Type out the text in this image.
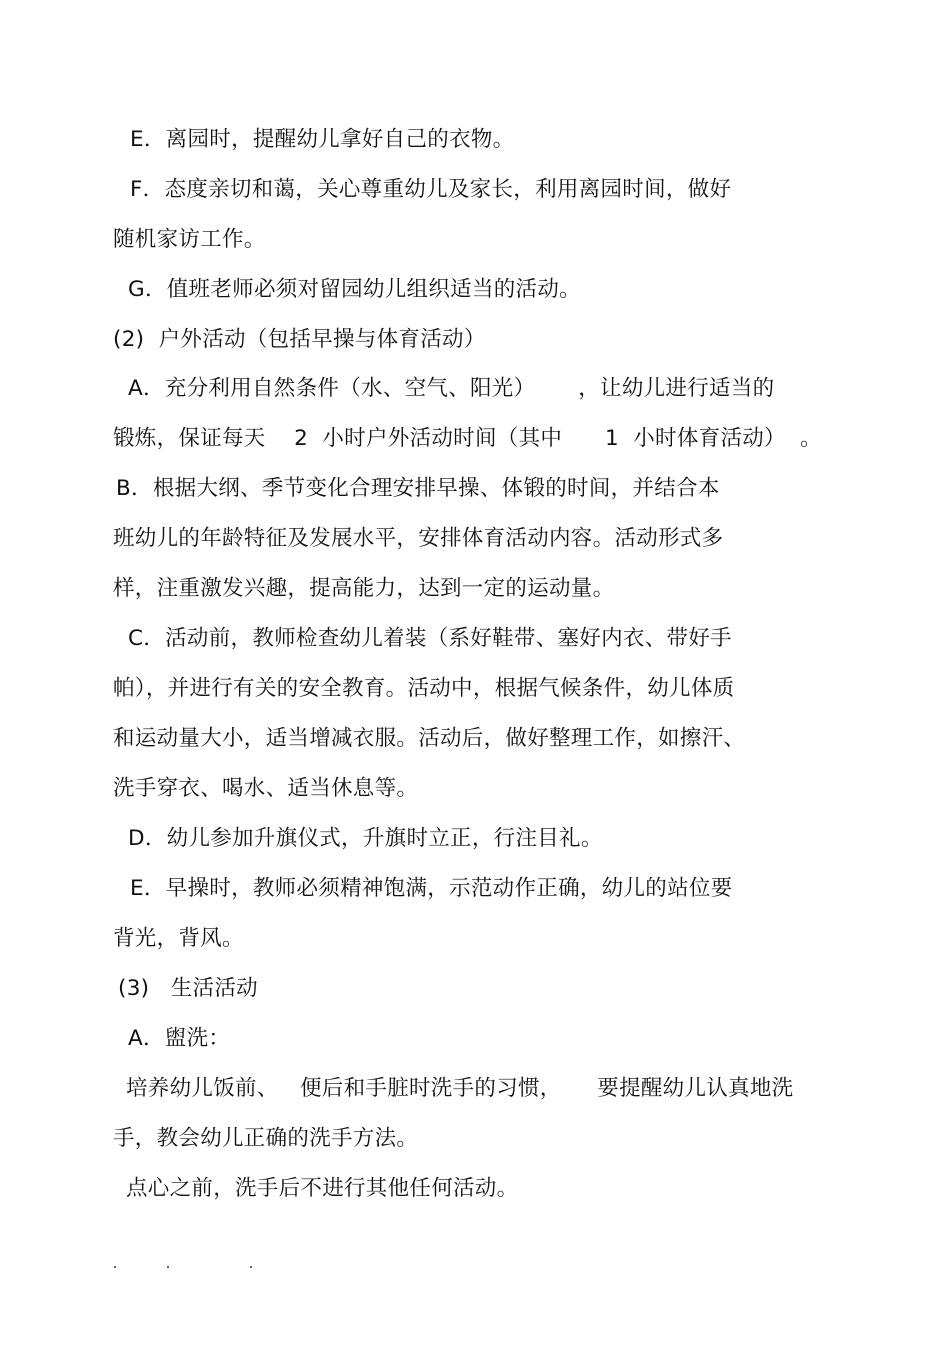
E．离园时，提醒幼儿拿好自己的衣物。
F．态度亲切和蔼，关心尊重幼儿及家长，利用离园时间，做好
随机家访工作。
G．值班老师必须对留园幼儿组织适当的活动。
(2)  户外活动（包括早操与体育活动）
A．充分利用自然条件（水、空气、阳光）      ，让幼儿进行适当的
锻炼，保证每天    2  小时户外活动时间（其中      1  小时体育活动）  。
B．根据大纲、季节变化合理安排早操、体锻的时间，并结合本
班幼儿的年龄特征及发展水平，安排体育活动内容。活动形式多
样，注重激发兴趣，提高能力，达到一定的运动量。
C．活动前，教师检查幼儿着装（系好鞋带、塞好内衣、带好手
帕），并进行有关的安全教育。活动中，根据气候条件，幼儿体质
和运动量大小，适当增减衣服。活动后，做好整理工作，如擦汗、
洗手穿衣、喝水、适当休息等。
D．幼儿参加升旗仪式，升旗时立正，行注目礼。
E．早操时，教师必须精神饱满，示范动作正确，幼儿的站位要
背光，背风。
(3)   生活活动
A．盥洗：
培养幼儿饭前、   便后和手脏时洗手的习惯，     要提醒幼儿认真地洗
手，教会幼儿正确的洗手方法。
点心之前，洗手后不进行其他任何活动。
